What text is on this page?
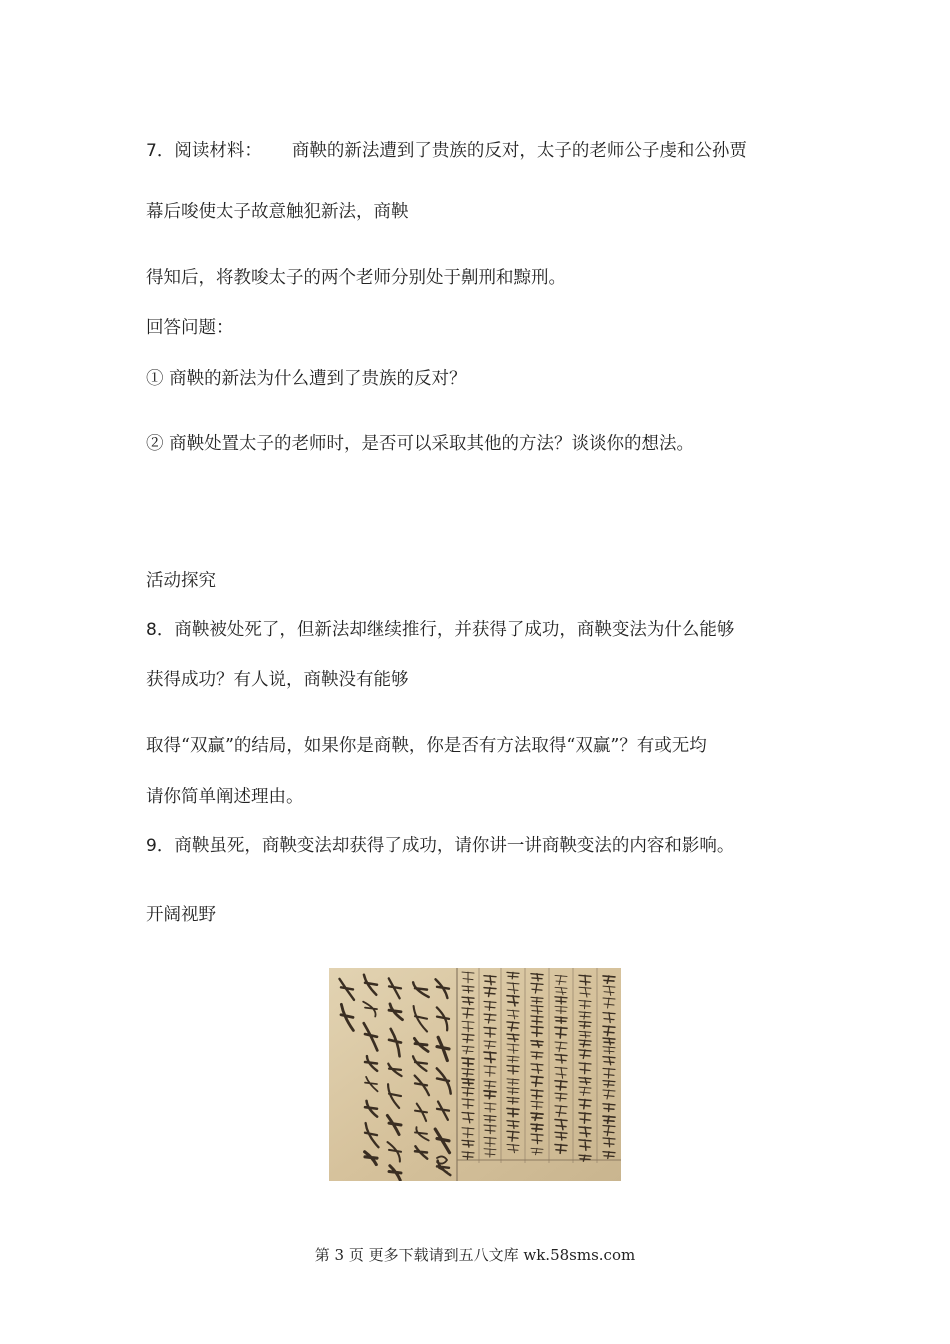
7．阅读材料： 商鞅的新法遭到了贵族的反对，太子的老师公子虔和公孙贾
幕后唆使太子故意触犯新法，商鞅
得知后，将教唆太子的两个老师分别处于劓刑和黥刑。
回答问题：
① 商鞅的新法为什么遭到了贵族的反对？
② 商鞅处置太子的老师时，是否可以采取其他的方法？谈谈你的想法。
活动探究
8．商鞅被处死了，但新法却继续推行，并获得了成功，商鞅变法为什么能够
获得成功？有人说，商鞅没有能够
取得“双赢”的结局，如果你是商鞅，你是否有方法取得“双赢”？有或无均
请你简单阐述理由。
9．商鞅虽死，商鞅变法却获得了成功，请你讲一讲商鞅变法的内容和影响。
开阔视野
第 3 页 更多下载请到五八文库 wk.58sms.com
